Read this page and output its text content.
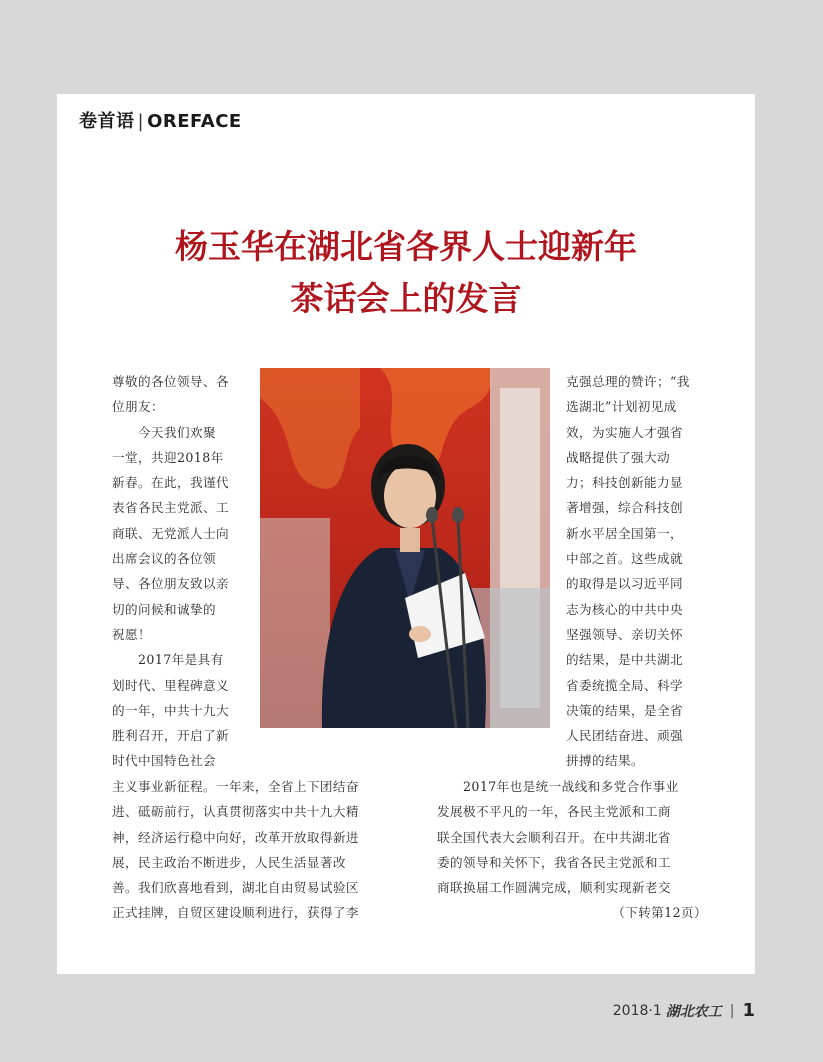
卷首语 | OREFACE
杨玉华在湖北省各界人士迎新年
茶话会上的发言
尊敬的各位领导、各
位朋友：
今天我们欢聚
一堂，共迎2018年
新春。在此，我谨代
表省各民主党派、工
商联、无党派人士向
出席会议的各位领
导、各位朋友致以亲
切的问候和诚挚的
祝愿！
2017年是具有
划时代、里程碑意义
的一年，中共十九大
胜利召开，开启了新
时代中国特色社会
克强总理的赞许；“我
选湖北”计划初见成
效，为实施人才强省
战略提供了强大动
力；科技创新能力显
著增强，综合科技创
新水平居全国第一，
中部之首。这些成就
的取得是以习近平同
志为核心的中共中央
坚强领导、亲切关怀
的结果，是中共湖北
省委统揽全局、科学
决策的结果，是全省
人民团结奋进、顽强
拼搏的结果。
主义事业新征程。一年来，全省上下团结奋
进、砥砺前行，认真贯彻落实中共十九大精
神，经济运行稳中向好，改革开放取得新进
展，民主政治不断进步，人民生活显著改
善。我们欣喜地看到，湖北自由贸易试验区
正式挂牌，自贸区建设顺利进行，获得了李
2017年也是统一战线和多党合作事业
发展极不平凡的一年，各民主党派和工商
联全国代表大会顺利召开。在中共湖北省
委的领导和关怀下，我省各民主党派和工
商联换届工作圆满完成，顺利实现新老交
（下转第12页）
2018·1 湖北农工 | 1
